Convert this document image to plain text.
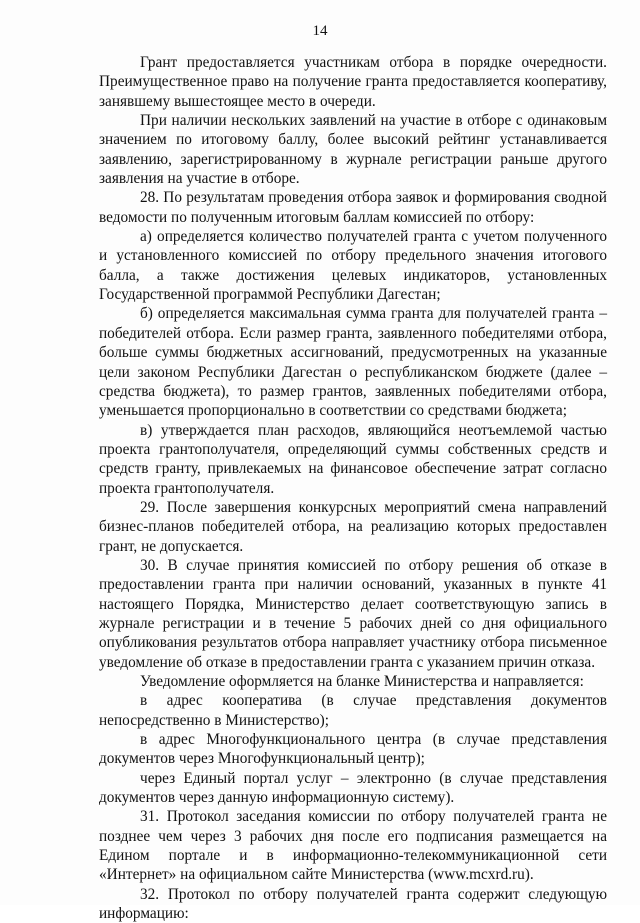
14

Грант предоставляется участникам отбора в порядке очередности. Преимущественное право на получение гранта предоставляется кооперативу, занявшему вышестоящее место в очереди.

При наличии нескольких заявлений на участие в отборе с одинаковым значением по итоговому баллу, более высокий рейтинг устанавливается заявлению, зарегистрированному в журнале регистрации раньше другого заявления на участие в отборе.

28. По результатам проведения отбора заявок и формирования сводной ведомости по полученным итоговым баллам комиссией по отбору:

а) определяется количество получателей гранта с учетом полученного и установленного комиссией по отбору предельного значения итогового балла, а также достижения целевых индикаторов, установленных Государственной программой Республики Дагестан;

б) определяется максимальная сумма гранта для получателей гранта – победителей отбора. Если размер гранта, заявленного победителями отбора, больше суммы бюджетных ассигнований, предусмотренных на указанные цели законом Республики Дагестан о республиканском бюджете (далее – средства бюджета), то размер грантов, заявленных победителями отбора, уменьшается пропорционально в соответствии со средствами бюджета;

в) утверждается план расходов, являющийся неотъемлемой частью проекта грантополучателя, определяющий суммы собственных средств и средств гранту, привлекаемых на финансовое обеспечение затрат согласно проекта грантополучателя.

29. После завершения конкурсных мероприятий смена направлений бизнес-планов победителей отбора, на реализацию которых предоставлен грант, не допускается.

30. В случае принятия комиссией по отбору решения об отказе в предоставлении гранта при наличии оснований, указанных в пункте 41 настоящего Порядка, Министерство делает соответствующую запись в журнале регистрации и в течение 5 рабочих дней со дня официального опубликования результатов отбора направляет участнику отбора письменное уведомление об отказе в предоставлении гранта с указанием причин отказа.

Уведомление оформляется на бланке Министерства и направляется:

в адрес кооператива (в случае представления документов непосредственно в Министерство);

в адрес Многофункционального центра (в случае представления документов через Многофункциональный центр);

через Единый портал услуг – электронно (в случае представления документов через данную информационную систему).

31. Протокол заседания комиссии по отбору получателей гранта не позднее чем через 3 рабочих дня после его подписания размещается на Едином портале и в информационно-телекоммуникационной сети «Интернет» на официальном сайте Министерства (www.mcxrd.ru).

32. Протокол по отбору получателей гранта содержит следующую информацию:
